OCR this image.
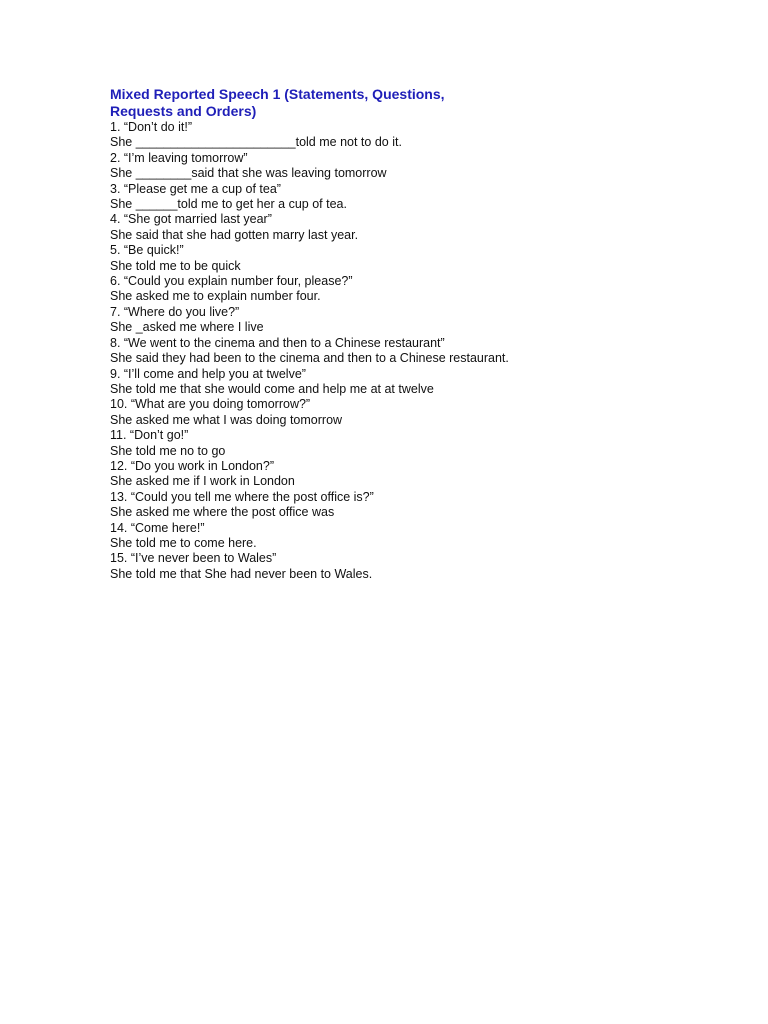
Mixed Reported Speech 1 (Statements, Questions, Requests and Orders)
1. “Don’t do it!”
She _______________________told me not to do it.
2. “I’m leaving tomorrow”
She ________said that she was leaving tomorrow
3. “Please get me a cup of tea”
She ______told me to get her a cup of tea.
4. “She got married last year”
She said that she had gotten marry last year.
5. “Be quick!”
She told me to be quick
6. “Could you explain number four, please?”
She asked me to explain number four.
7. “Where do you live?”
She _asked me where I live
8. “We went to the cinema and then to a Chinese restaurant”
She said they had been to the cinema and then to a Chinese restaurant.
9. “I’ll come and help you at twelve”
She told me that she would come and help me at at twelve
10. “What are you doing tomorrow?”
She asked me what I was doing tomorrow
11. “Don’t go!”
She told me no to go
12. “Do you work in London?”
She asked me if I work in London
13. “Could you tell me where the post office is?”
She asked me where the post office was
14. “Come here!”
She told me to come here.
15. “I’ve never been to Wales”
She told me that She had never been to Wales.
